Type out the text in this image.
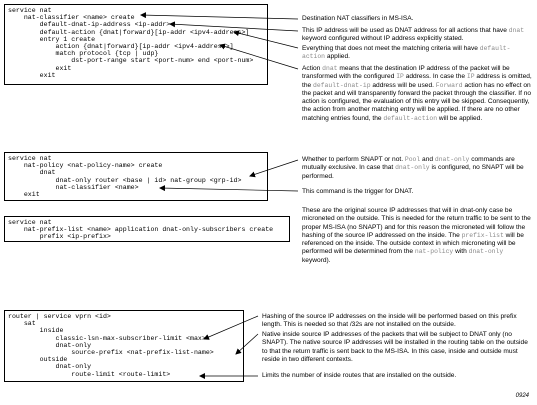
service nat
nat-classifier <name> create
default-dnat-ip-address <ip-addr>
default-action {dnat|forward}[ip-addr <ipv4-address>]
entry 1 create
action {dnat|forward}[ip-addr <ipv4-address>]
match protocol {tcp | udp}
dst-port-range start <port-num> end <port-num>
exit
exit
service nat
nat-policy <nat-policy-name> create
dnat
dnat-only router <base | id> nat-group <grp-id>
nat-classifier <name>
exit
service nat
nat-prefix-list <name> application dnat-only-subscribers create
prefix <ip-prefix>
router | service vprn <id>
sat
inside
classic-lsn-max-subscriber-limit <max>
dnat-only
source-prefix <nat-prefix-list-name>
outside
dnat-only
route-limit <route-limit>

Destination NAT classifiers in MS-ISA.

This IP address will be used as DNAT address for all actions that have dnat keyword configured without IP address explicitly stated.

Everything that does not meet the matching criteria will have default-action applied.

Action dnat means that the destination IP address of the packet will be transformed with the configured IP address. In case the IP address is omitted, the default-dnat-ip address will be used. Forward action has no effect on the packet and will transparently forward the packet through the classifier. If no action is configured, the evaluation of this entry will be skipped. Consequently, the action from another matching entry will be applied. If there are no other matching entries found, the default-action will be applied.

Whether to perform SNAPT or not. Pool and dnat-only commands are mutually exclusive. In case that dnat-only is configured, no SNAPT will be performed.

This command is the trigger for DNAT.

These are the original source IP addresses that will in dnat-only case be microneted on the outside. This is needed for the return traffic to be sent to the proper MS-ISA (no SNAPT) and for this reason the microneted will follow the hashing of the source IP addressed on the inside. The prefix-list will be referenced on the inside. The outside context in which microneting will be performed will be determined from the nat-policy with dnat-only keyword).

Hashing of the source IP addresses on the inside will be performed based on this prefix length. This is needed so that /32s are not installed on the outside.

Native inside source IP addresses of the packets that will be subject to DNAT only (no SNAPT). The native source IP addresses will be installed in the routing table on the outside to that the return traffic is sent back to the MS-ISA. In this case, inside and outside must reside in two different contexts.

Limits the number of inside routes that are installed on the outside.

0924
